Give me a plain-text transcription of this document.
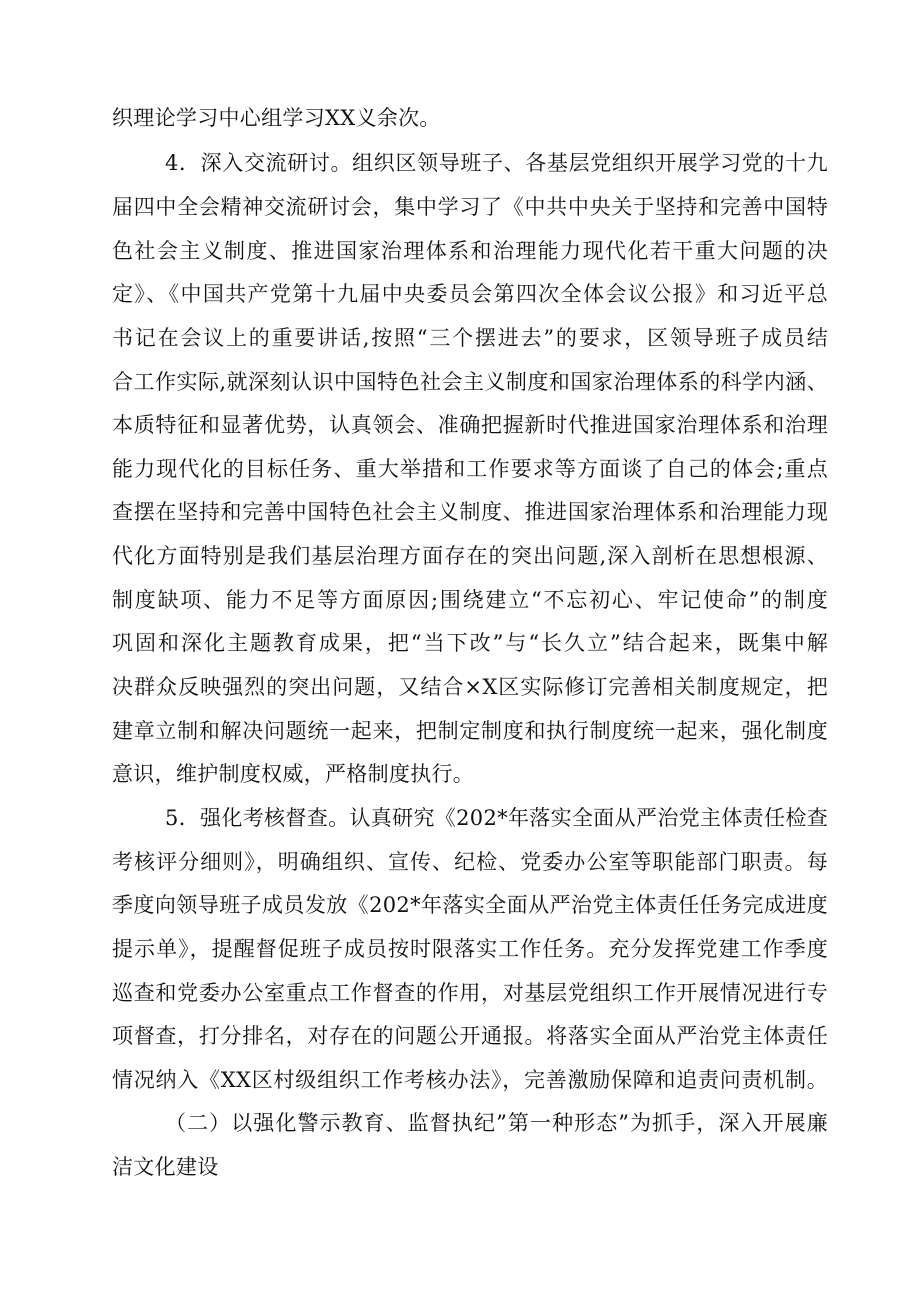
织理论学习中心组学习XX义余次。
4．深入交流研讨。组织区领导班子、各基层党组织开展学习党的十九
届四中全会精神交流研讨会，集中学习了《中共中央关于坚持和完善中国特
色社会主义制度、推进国家治理体系和治理能力现代化若干重大问题的决
定》、《中国共产党第十九届中央委员会第四次全体会议公报》和习近平总
书记在会议上的重要讲话,按照“三个摆进去”的要求，区领导班子成员结
合工作实际,就深刻认识中国特色社会主义制度和国家治理体系的科学内涵、
本质特征和显著优势，认真领会、准确把握新时代推进国家治理体系和治理
能力现代化的目标任务、重大举措和工作要求等方面谈了自己的体会;重点
查摆在坚持和完善中国特色社会主义制度、推进国家治理体系和治理能力现
代化方面特别是我们基层治理方面存在的突出问题,深入剖析在思想根源、
制度缺项、能力不足等方面原因;围绕建立“不忘初心、牢记使命”的制度
巩固和深化主题教育成果，把“当下改”与“长久立”结合起来，既集中解
决群众反映强烈的突出问题，又结合×X区实际修订完善相关制度规定，把
建章立制和解决问题统一起来，把制定制度和执行制度统一起来，强化制度
意识，维护制度权威，严格制度执行。
5．强化考核督查。认真研究《202*年落实全面从严治党主体责任检查
考核评分细则》，明确组织、宣传、纪检、党委办公室等职能部门职责。每
季度向领导班子成员发放《202*年落实全面从严治党主体责任任务完成进度
提示单》，提醒督促班子成员按时限落实工作任务。充分发挥党建工作季度
巡查和党委办公室重点工作督查的作用，对基层党组织工作开展情况进行专
项督查，打分排名，对存在的问题公开通报。将落实全面从严治党主体责任
情况纳入《XX区村级组织工作考核办法》，完善激励保障和追责问责机制。
（二）以强化警示教育、监督执纪”第一种形态”为抓手，深入开展廉
洁文化建设
